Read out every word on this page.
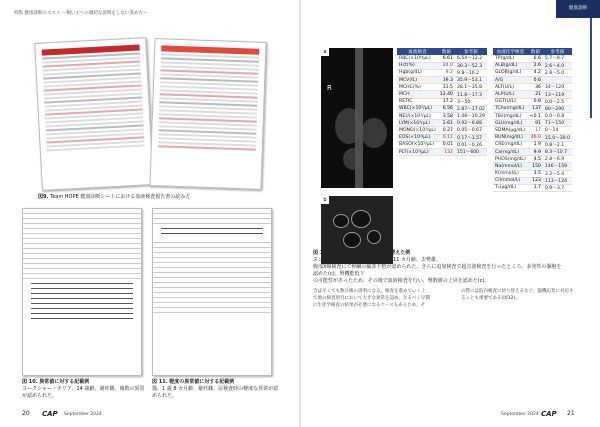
特集 健康診断のススメ ～飼い主への適切な説明をしない進め方～
図9. Team HOPE 健康診断シートにおける血液検査報告書の読み方
図 10. 異常値に対する記載例
ヨークシャー・テリア、14 歳齢、避妊雌。複数の異常が認められた。
図 11. 軽度の異常値に対する記載例
猫、1 歳 8 カ月齢、避妊雌。尿検査時の軽度な異常が認められた。
20 CAP September 2024
健康診断
a
R
b
血液検査	数値	参考値
RBC(×10⁶/μL)	6.61	6.54～12.2
Hct(%)	24.0	30.3～52.3
Hgb(g/dL)	9.2	9.8～16.2
MCV(fL)	39.3	35.9～53.1
MCHC(%)	31.5	28.1～35.8
MCH	12.40	11.8～17.3
RETIC	17.2	3～50
WBC(×10³/μL)	6.56	2.87～17.02
NEU(×10³/μL)	3.58	1.48～10.29
LYM(×10³/μL)	2.61	0.92～6.88
MONO(×10³/μL)	0.27	0.05～0.67
EOS(×10³/μL)	0.11	0.17～1.57
BASO(×10³/μL)	0.01	0.01～0.26
PLT(×10³/μL)	132	151～600
血液化学検査	数値	参考値
TP(g/dL)	6.6	5.7～8.7
ALB(g/dL)	2.6	2.6～4.0
GLOB(g/dL)	4.2	2.8～5.0
A/G	0.6	
ALT(U/L)	36	34～120
ALP(U/L)	21	13～119
GGT(U/L)	0.8	0.0～2.5
TCho(mg/dL)	137	80～290
TBil(mg/dL)	<0.1	0.0～0.8
GLU(mg/dL)	91	71～150
SDMA(μg/dL)	17	0～14
BUN(mg/dL)	46.0	15.0～39.0
CRE(mg/dL)	1.9	0.8～2.1
Ca(mg/dL)	9.9	8.3～10.7
PHOS(mg/dL)	4.5	2.8～6.9
Na(mmol/L)	150	146～159
K(mmol/L)	3.5	3.2～5.4
Cl(mmol/L)	123	113～124
T₄(μg/dL)	1.7	0.9～3.7
図 12. 血液検査を院内検査に切り替えた例
スコティッシュ・フォールド、9 歳 11 カ月齢、去勢雄。
腹部X線検査にて腎臓の輪郭不整が認められた。さらに追加検査で超音波検査を行ったところ、多発性の嚢胞を認めた(c)。腎機能低下
の可能性があったため、その後で血液検査を行い、腎数値の上昇を認めた(c)。
合は早くても数日後の説明になる。検査を進めていく上
で他の検査項目において大きな異常を認め、なるべく早期
に生化学検査の結果が必要になるケースもあるため、そ
の際には院内検査に切り替えるなど、臨機応変に対応す
ることも重要である(図12)。
September 2024 CAP 21
